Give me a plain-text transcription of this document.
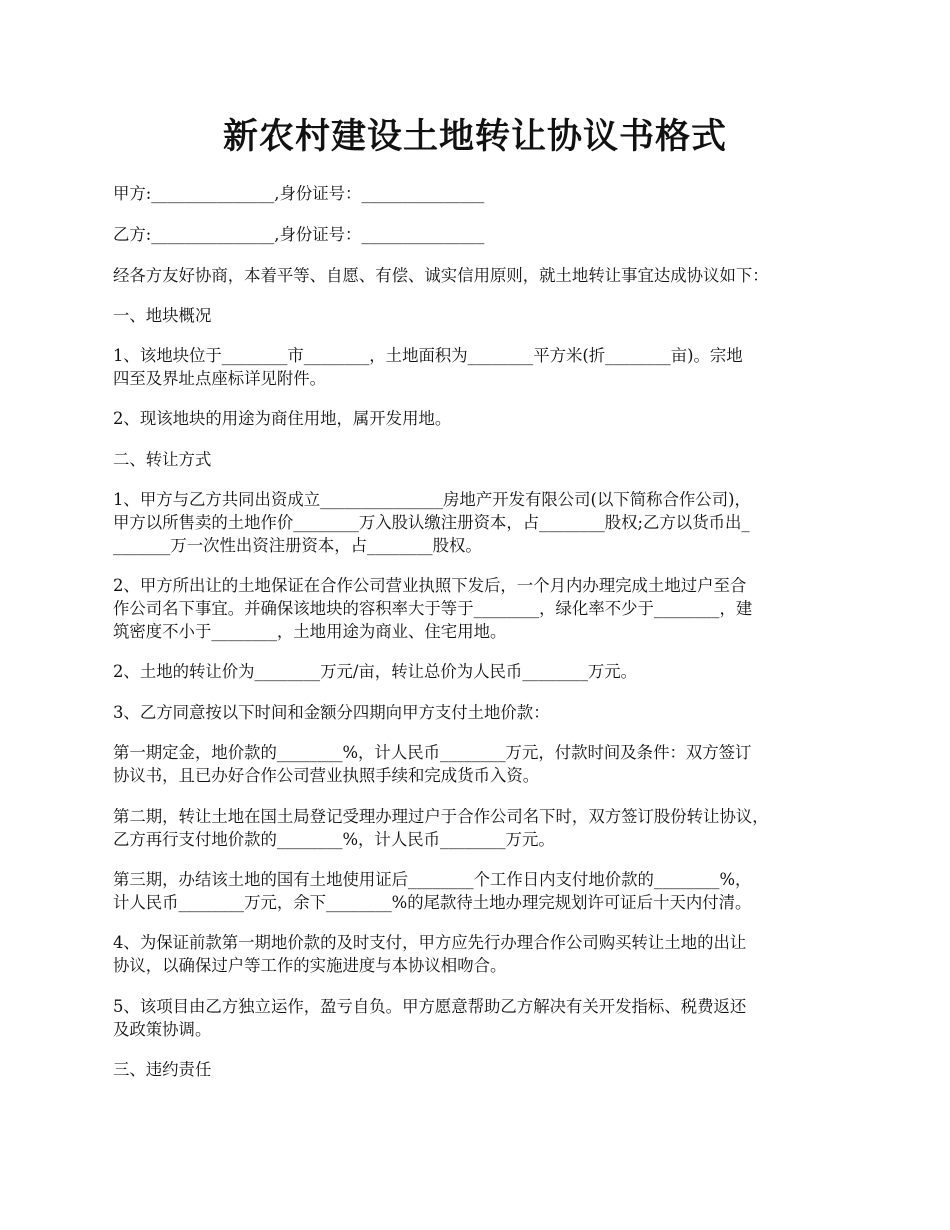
新农村建设土地转让协议书格式

甲方:_______________,身份证号：_______________

乙方:_______________,身份证号：_______________

经各方友好协商，本着平等、自愿、有偿、诚实信用原则，就土地转让事宜达成协议如下：

一、地块概况

1、该地块位于________市________，土地面积为________平方米(折________亩)。宗地
四至及界址点座标详见附件。

2、现该地块的用途为商住用地，属开发用地。

二、转让方式

1、甲方与乙方共同出资成立_______________房地产开发有限公司(以下简称合作公司)，
甲方以所售卖的土地作价________万入股认缴注册资本，占________股权;乙方以货币出_
_______万一次性出资注册资本，占________股权。

2、甲方所出让的土地保证在合作公司营业执照下发后，一个月内办理完成土地过户至合
作公司名下事宜。并确保该地块的容积率大于等于________，绿化率不少于________，建
筑密度不小于________，土地用途为商业、住宅用地。

2、土地的转让价为________万元/亩，转让总价为人民币________万元。

3、乙方同意按以下时间和金额分四期向甲方支付土地价款：

第一期定金，地价款的________%，计人民币________万元，付款时间及条件：双方签订
协议书，且已办好合作公司营业执照手续和完成货币入资。

第二期，转让土地在国土局登记受理办理过户于合作公司名下时，双方签订股份转让协议，
乙方再行支付地价款的________%，计人民币________万元。

第三期，办结该土地的国有土地使用证后________个工作日内支付地价款的________%，
计人民币________万元，余下________%的尾款待土地办理完规划许可证后十天内付清。

4、为保证前款第一期地价款的及时支付，甲方应先行办理合作公司购买转让土地的出让
协议，以确保过户等工作的实施进度与本协议相吻合。

5、该项目由乙方独立运作，盈亏自负。甲方愿意帮助乙方解决有关开发指标、税费返还
及政策协调。

三、违约责任
